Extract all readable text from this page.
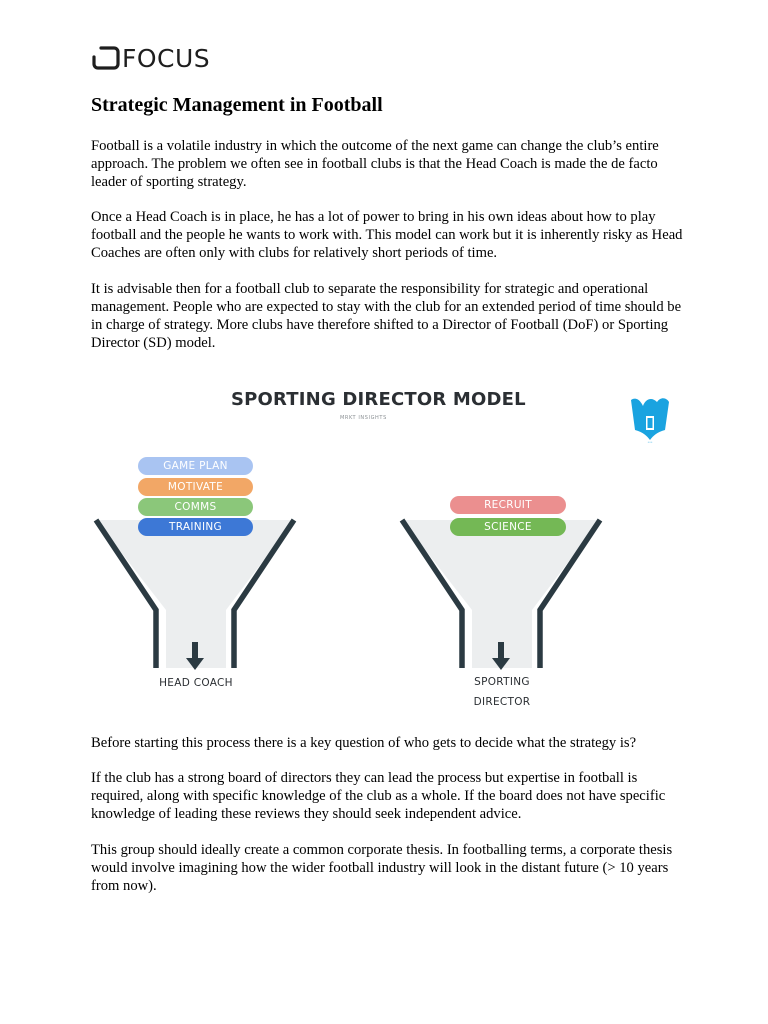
FOCUS
Strategic Management in Football

Football is a volatile industry in which the outcome of the next game can change the club’s entire approach. The problem we often see in football clubs is that the Head Coach is made the de facto leader of sporting strategy.

Once a Head Coach is in place, he has a lot of power to bring in his own ideas about how to play football and the people he wants to work with. This model can work but it is inherently risky as Head Coaches are often only with clubs for relatively short periods of time.

It is advisable then for a football club to separate the responsibility for strategic and operational management. People who are expected to stay with the club for an extended period of time should be in charge of strategy. More clubs have therefore shifted to a Director of Football (DoF) or Sporting Director (SD) model.

SPORTING DIRECTOR MODEL
MRKT INSIGHTS
•••
GAME PLAN
MOTIVATE
COMMS
TRAINING
HEAD COACH
RECRUIT
SCIENCE
SPORTING DIRECTOR

Before starting this process there is a key question of who gets to decide what the strategy is?

If the club has a strong board of directors they can lead the process but expertise in football is required, along with specific knowledge of the club as a whole. If the board does not have specific knowledge of leading these reviews they should seek independent advice.

This group should ideally create a common corporate thesis. In footballing terms, a corporate thesis would involve imagining how the wider football industry will look in the distant future (> 10 years from now).
